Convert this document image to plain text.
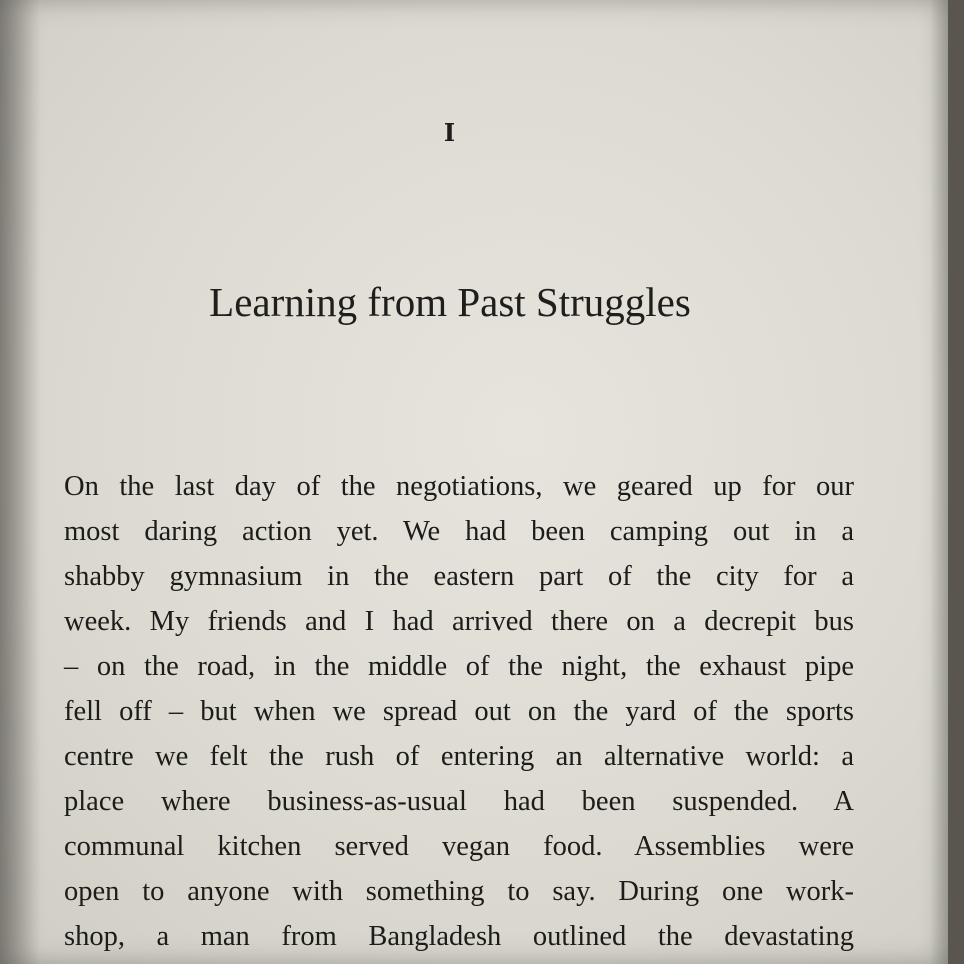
I
Learning from Past Struggles
On the last day of the negotiations, we geared up for our
most daring action yet. We had been camping out in a
shabby gymnasium in the eastern part of the city for a
week. My friends and I had arrived there on a decrepit bus
– on the road, in the middle of the night, the exhaust pipe
fell off – but when we spread out on the yard of the sports
centre we felt the rush of entering an alternative world: a
place where business-as-usual had been suspended. A
communal kitchen served vegan food. Assemblies were
open to anyone with something to say. During one work-
shop, a man from Bangladesh outlined the devastating
